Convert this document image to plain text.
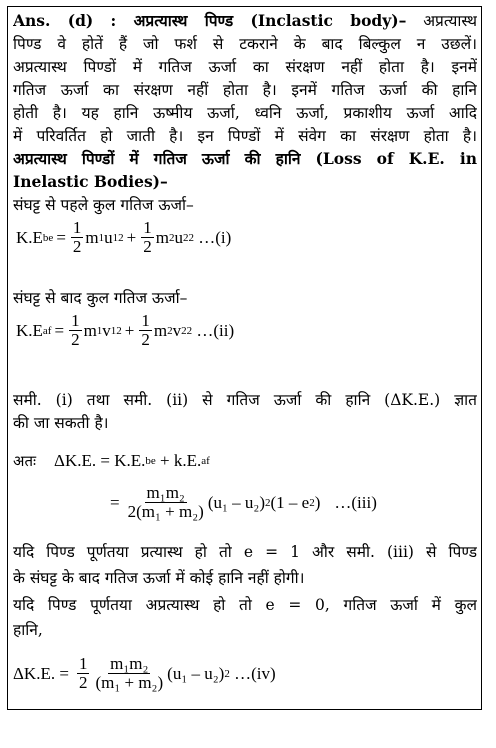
Ans. (d) : अप्रत्यास्थ पिण्ड (Inclastic body)– अप्रत्यास्थ
पिण्ड वे होतें हैं जो फर्श से टकराने के बाद बिल्कुल न उछलें।
अप्रत्यास्थ पिण्डों में गतिज ऊर्जा का संरक्षण नहीं होता है। इनमें
गतिज ऊर्जा का संरक्षण नहीं होता है। इनमें गतिज ऊर्जा की हानि
होती है। यह हानि ऊष्मीय ऊर्जा, ध्वनि ऊर्जा, प्रकाशीय ऊर्जा आदि
में परिवर्तित हो जाती है। इन पिण्डों में संवेग का संरक्षण होता है।
अप्रत्यास्थ पिण्डों में गतिज ऊर्जा की हानि (Loss of K.E. in
Inelastic Bodies)–
संघट्ट से पहले कुल गतिज ऊर्जा–
K.E be = $\frac{1}{2}$ m 1 u 1 $2 + \frac{1}{2}$ m 2 u 2 2 …(i)
संघट्ट से बाद कुल गतिज ऊर्जा–
K.E af = $\frac{1}{2}$ m 1 v 1 $2 + \frac{1}{2}$ m 2 v 2 2 …(ii)
समी. (i) तथा समी. (ii) से गतिज ऊर्जा की हानि (ΔK.E.) ज्ञात
की जा सकती है।
अतः ΔK.E. = K.E. be + k.E. af
= $\frac{\text{m₁m₂}}{\text{2(m₁ + m₂)}} (u_1 - u_2)$ 2 (1 – e 2 ) …(iii)
यदि पिण्ड पूर्णतया प्रत्यास्थ हो तो e = 1 और समी. (iii) से पिण्ड
के संघट्ट के बाद गतिज ऊर्जा में कोई हानि नहीं होगी।
यदि पिण्ड पूर्णतया अप्रत्यास्थ हो तो e = 0, गतिज ऊर्जा में कुल
हानि,
ΔK.E. = $\frac{1}{2} \frac{\text{m₁m₂}}{\text{(m₁ + m₂)}} (u_1 - u_2)$ 2 …(iv)
